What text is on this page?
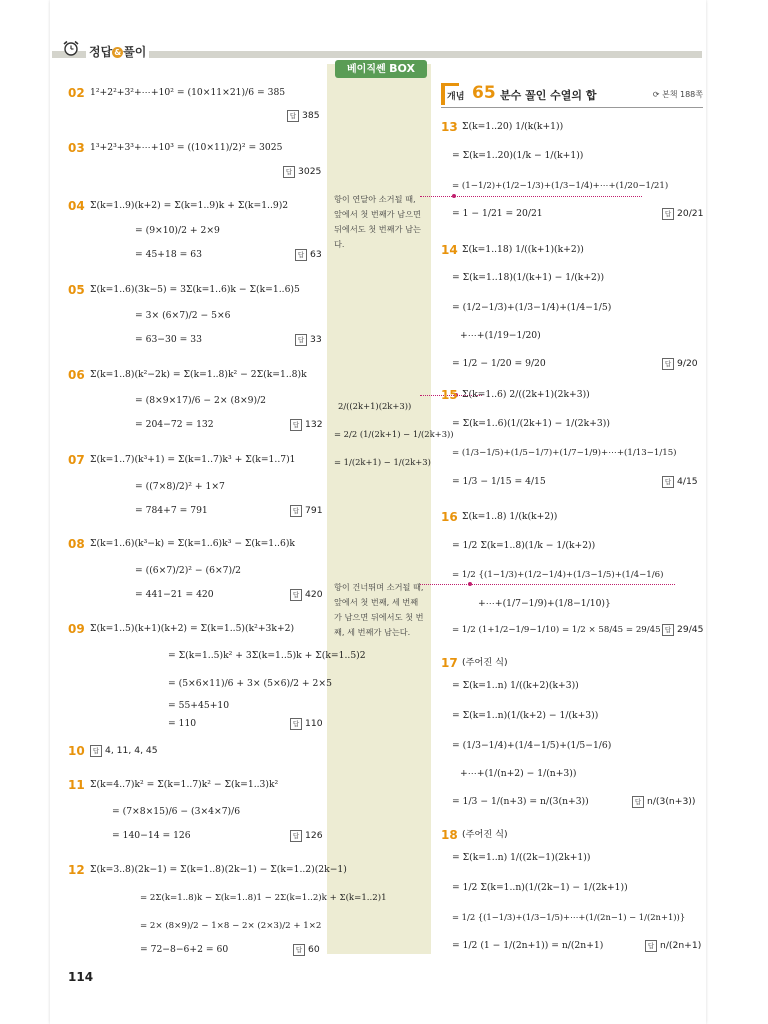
정답 & 풀이
베이직쎈 BOX
항이 연달아 소거될 때, 앞에서 첫 번째가 남으면 뒤에서도 첫 번째가 남는다.
항이 건너뛰며 소거될 때, 앞에서 첫 번째, 세 번째가 남으면 뒤에서도 첫 번째, 세 번째가 남는다.
2/((2k+1)(2k+3))
= 2/2 (1/(2k+1) − 1/(2k+3))
= 1/(2k+1) − 1/(2k+3)
개념 65 분수 꼴인 수열의 합	⟳ 본책 188쪽
02 1²+2²+3²+⋯+10² = (10×11×21)/6 = 385
답 385
03 1³+2³+3³+⋯+10³ = ((10×11)/2)² = 3025
답 3025
04 Σ(k=1..9)(k+2) = Σ(k=1..9)k + Σ(k=1..9)2
= (9×10)/2 + 2×9
= 45+18 = 63	답 63
05 Σ(k=1..6)(3k−5) = 3Σ(k=1..6)k − Σ(k=1..6)5
= 3× (6×7)/2 − 5×6
= 63−30 = 33	답 33
06 Σ(k=1..8)(k²−2k) = Σ(k=1..8)k² − 2Σ(k=1..8)k
= (8×9×17)/6 − 2× (8×9)/2
= 204−72 = 132	답 132
07 Σ(k=1..7)(k³+1) = Σ(k=1..7)k³ + Σ(k=1..7)1
= ((7×8)/2)² + 1×7
= 784+7 = 791	답 791
08 Σ(k=1..6)(k³−k) = Σ(k=1..6)k³ − Σ(k=1..6)k
= ((6×7)/2)² − (6×7)/2
= 441−21 = 420	답 420
09 Σ(k=1..5)(k+1)(k+2) = Σ(k=1..5)(k²+3k+2)
= Σ(k=1..5)k² + 3Σ(k=1..5)k + Σ(k=1..5)2
= (5×6×11)/6 + 3× (5×6)/2 + 2×5
= 55+45+10
= 110	답 110
10	답 4, 11, 4, 45
11 Σ(k=4..7)k² = Σ(k=1..7)k² − Σ(k=1..3)k²
= (7×8×15)/6 − (3×4×7)/6
= 140−14 = 126	답 126
12 Σ(k=3..8)(2k−1) = Σ(k=1..8)(2k−1) − Σ(k=1..2)(2k−1)
= 2Σ(k=1..8)k − Σ(k=1..8)1 − 2Σ(k=1..2)k + Σ(k=1..2)1
= 2× (8×9)/2 − 1×8 − 2× (2×3)/2 + 1×2
= 72−8−6+2 = 60	답 60
13 Σ(k=1..20) 1/(k(k+1))
= Σ(k=1..20)(1/k − 1/(k+1))
= (1−1/2)+(1/2−1/3)+(1/3−1/4)+⋯+(1/20−1/21)
= 1 − 1/21 = 20/21	답 20/21
14 Σ(k=1..18) 1/((k+1)(k+2))
= Σ(k=1..18)(1/(k+1) − 1/(k+2))
= (1/2−1/3)+(1/3−1/4)+(1/4−1/5)
+⋯+(1/19−1/20)
= 1/2 − 1/20 = 9/20	답 9/20
15 Σ(k=1..6) 2/((2k+1)(2k+3))
= Σ(k=1..6)(1/(2k+1) − 1/(2k+3))
= (1/3−1/5)+(1/5−1/7)+(1/7−1/9)+⋯+(1/13−1/15)
= 1/3 − 1/15 = 4/15	답 4/15
16 Σ(k=1..8) 1/(k(k+2))
= 1/2 Σ(k=1..8)(1/k − 1/(k+2))
= 1/2 {(1−1/3)+(1/2−1/4)+(1/3−1/5)+(1/4−1/6)
+⋯+(1/7−1/9)+(1/8−1/10)}
= 1/2 (1+1/2−1/9−1/10) = 1/2 × 58/45 = 29/45 답 29/45
17 (주어진 식)
= Σ(k=1..n) 1/((k+2)(k+3))
= Σ(k=1..n)(1/(k+2) − 1/(k+3))
= (1/3−1/4)+(1/4−1/5)+(1/5−1/6)
+⋯+(1/(n+2) − 1/(n+3))
= 1/3 − 1/(n+3) = n/(3(n+3))	답 n/(3(n+3))
18 (주어진 식)
= Σ(k=1..n) 1/((2k−1)(2k+1))
= 1/2 Σ(k=1..n)(1/(2k−1) − 1/(2k+1))
= 1/2 {(1−1/3)+(1/3−1/5)+⋯+(1/(2n−1) − 1/(2n+1))}
= 1/2 (1 − 1/(2n+1)) = n/(2n+1)	답 n/(2n+1)
114
